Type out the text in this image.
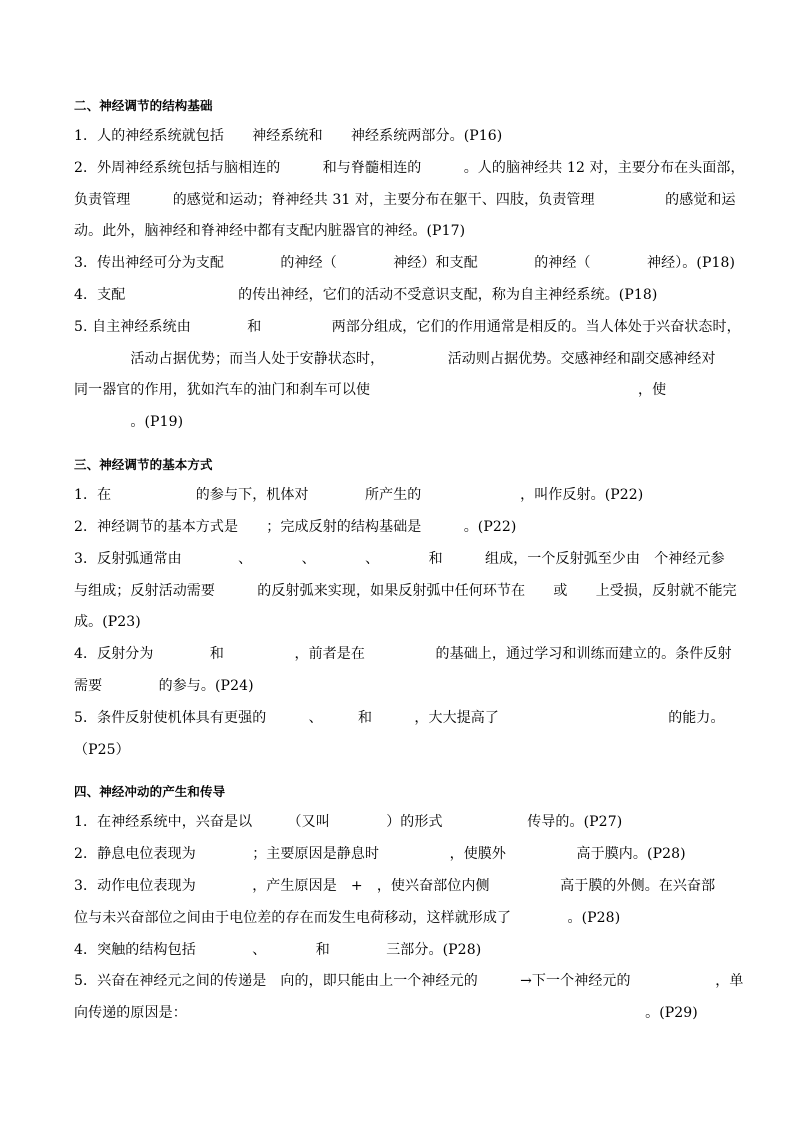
二、神经调节的结构基础
1．人的神经系统就包括　　神经系统和　　神经系统两部分。(P16)
2．外周神经系统包括与脑相连的　　　和与脊髓相连的　　　。人的脑神经共 12 对，主要分布在头面部，
负责管理　　　的感觉和运动；脊神经共 31 对，主要分布在躯干、四肢，负责管理　　　　　的感觉和运
动。此外，脑神经和脊神经中都有支配内脏器官的神经。(P17)
3．传出神经可分为支配　　　　的神经（　　　　神经）和支配　　　　的神经（　　　　神经）。(P18)
4．支配　　　　　　　　的传出神经，它们的活动不受意识支配，称为自主神经系统。(P18)
5. 自主神经系统由　　　　和　　　　　两部分组成，它们的作用通常是相反的。当人体处于兴奋状态时，
　　　　活动占据优势；而当人处于安静状态时，　　　　　活动则占据优势。交感神经和副交感神经对
同一器官的作用，犹如汽车的油门和刹车可以使　　　　　　　　　　　　　　　　　　　，使
　　　　。(P19)
三、神经调节的基本方式
1．在　　　　　　的参与下，机体对　　　　所产生的　　　　　　　，叫作反射。(P22)
2．神经调节的基本方式是　　；完成反射的结构基础是　　　。(P22)
3．反射弧通常由　　　　、　　　　、　　　　、　　　　和　　　组成，一个反射弧至少由　个神经元参
与组成；反射活动需要　　　的反射弧来实现，如果反射弧中任何环节在　　或　　上受损，反射就不能完
成。(P23)
4．反射分为　　　　和　　　　　，前者是在　　　　　的基础上，通过学习和训练而建立的。条件反射
需要　　　　的参与。(P24)
5．条件反射使机体具有更强的　　　、　　　和　　　，大大提高了　　　　　　　　　　　　的能力。
（P25）
四、神经冲动的产生和传导
1．在神经系统中，兴奋是以　　　（又叫　　　　）的形式　　　　　　传导的。(P27)
2．静息电位表现为　　　　；主要原因是静息时　　　　　，使膜外　　　　　高于膜内。(P28)
3．动作电位表现为　　　　，产生原因是　+　，使兴奋部位内侧　　　　　高于膜的外侧。在兴奋部
位与未兴奋部位之间由于电位差的存在而发生电荷移动，这样就形成了　　　　。(P28)
4．突触的结构包括　　　　、　　　　和　　　　三部分。(P28)
5．兴奋在神经元之间的传递是　向的，即只能由上一个神经元的　　　→下一个神经元的　　　　　　，单
向传递的原因是：　　　　　　　　　　　　　　　　　　　　　　　　　　　　　　　　　。(P29)
